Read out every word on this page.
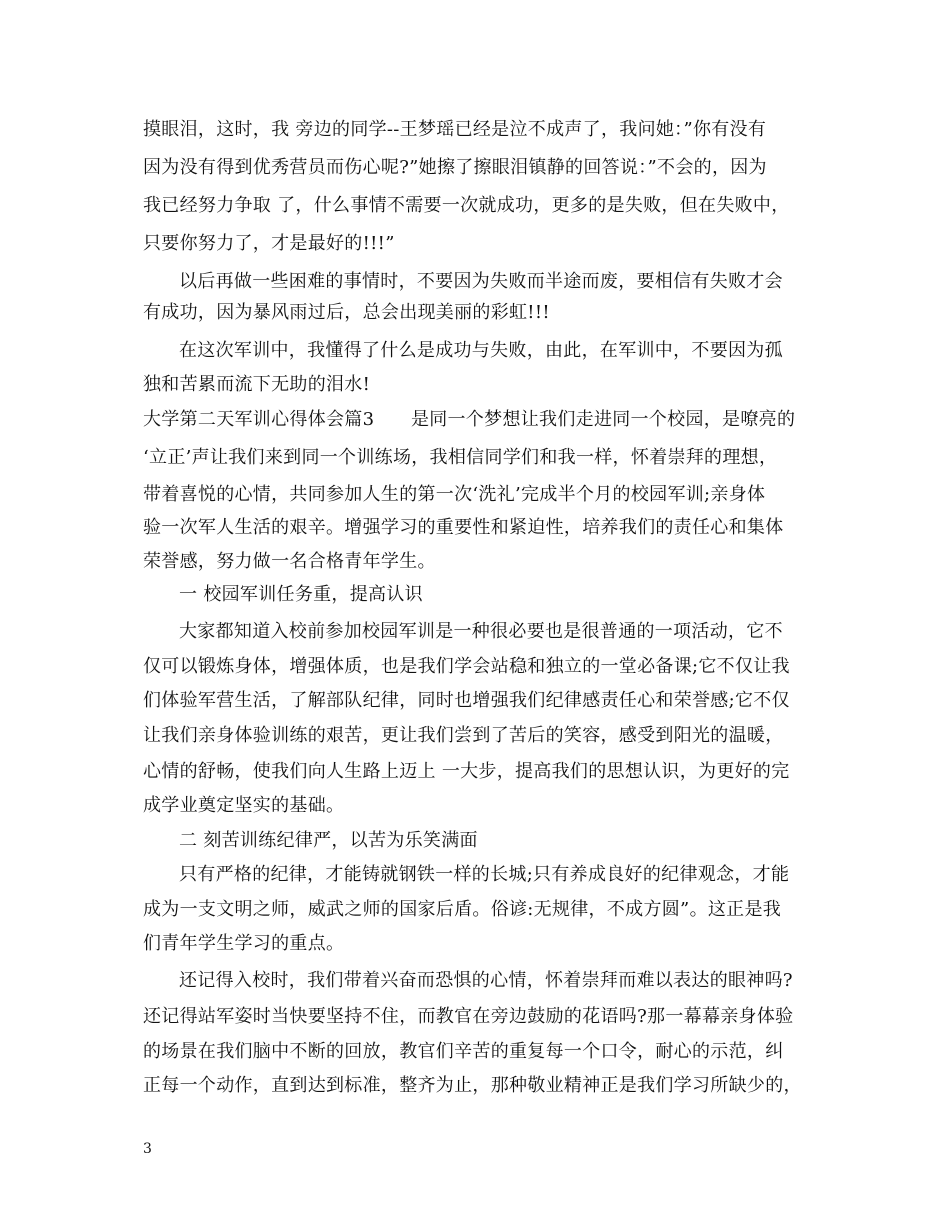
摸眼泪，这时，我 旁边的同学--王梦瑶已经是泣不成声了，我问她：”你有没有
因为没有得到优秀营员而伤心呢?”她擦了擦眼泪镇静的回答说：”不会的，因为
我已经努力争取 了，什么事情不需要一次就成功，更多的是失败，但在失败中，
只要你努力了，才是最好的!!!”
以后再做一些困难的事情时，不要因为失败而半途而废，要相信有失败才会
有成功，因为暴风雨过后，总会出现美丽的彩虹!!!
在这次军训中，我懂得了什么是成功与失败，由此，在军训中，不要因为孤
独和苦累而流下无助的泪水!
大学第二天军训心得体会篇3　　是同一个梦想让我们走进同一个校园，是嘹亮的
‘立正’声让我们来到同一个训练场，我相信同学们和我一样，怀着崇拜的理想，
带着喜悦的心情，共同参加人生的第一次‘洗礼’完成半个月的校园军训;亲身体
验一次军人生活的艰辛。增强学习的重要性和紧迫性，培养我们的责任心和集体
荣誉感，努力做一名合格青年学生。
一 校园军训任务重，提高认识
大家都知道入校前参加校园军训是一种很必要也是很普通的一项活动，它不
仅可以锻炼身体，增强体质，也是我们学会站稳和独立的一堂必备课;它不仅让我
们体验军营生活，了解部队纪律，同时也增强我们纪律感责任心和荣誉感;它不仅
让我们亲身体验训练的艰苦，更让我们尝到了苦后的笑容，感受到阳光的温暖，
心情的舒畅，使我们向人生路上迈上 一大步，提高我们的思想认识，为更好的完
成学业奠定坚实的基础。
二 刻苦训练纪律严，以苦为乐笑满面
只有严格的纪律，才能铸就钢铁一样的长城;只有养成良好的纪律观念，才能
成为一支文明之师，威武之师的国家后盾。俗谚:无规律，不成方圆”。这正是我
们青年学生学习的重点。
还记得入校时，我们带着兴奋而恐惧的心情，怀着崇拜而难以表达的眼神吗?
还记得站军姿时当快要坚持不住，而教官在旁边鼓励的花语吗?那一幕幕亲身体验
的场景在我们脑中不断的回放，教官们辛苦的重复每一个口令，耐心的示范，纠
正每一个动作，直到达到标准，整齐为止，那种敬业精神正是我们学习所缺少的，
3
